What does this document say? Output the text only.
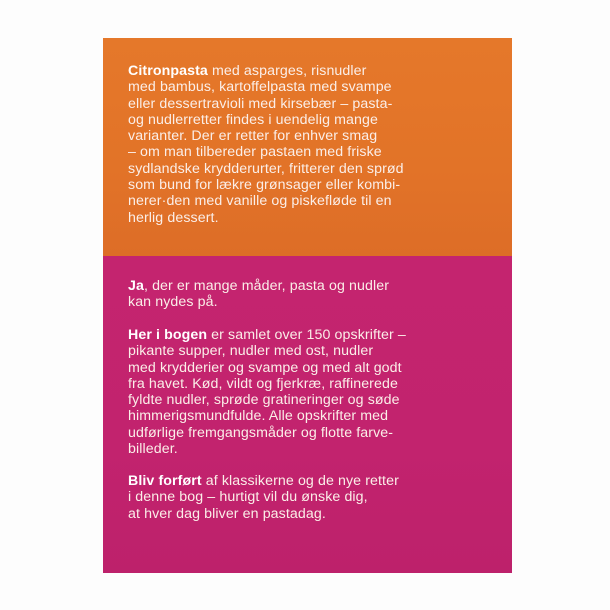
Citronpasta med asparges, risnudler
med bambus, kartoffelpasta med svampe
eller dessertravioli med kirsebær – pasta-
og nudlerretter findes i uendelig mange
varianter. Der er retter for enhver smag
– om man tilbereder pastaen med friske
sydlandske krydderurter, fritterer den sprød
som bund for lækre grønsager eller kombi-
nerer·den med vanille og piskefløde til en
herlig dessert.
Ja, der er mange måder, pasta og nudler
kan nydes på.
Her i bogen er samlet over 150 opskrifter –
pikante supper, nudler med ost, nudler
med krydderier og svampe og med alt godt
fra havet. Kød, vildt og fjerkræ, raffinerede
fyldte nudler, sprøde gratineringer og søde
himmerigsmundfulde. Alle opskrifter med
udførlige fremgangsmåder og flotte farve-
billeder.
Bliv forført af klassikerne og de nye retter
i denne bog – hurtigt vil du ønske dig,
at hver dag bliver en pastadag.
